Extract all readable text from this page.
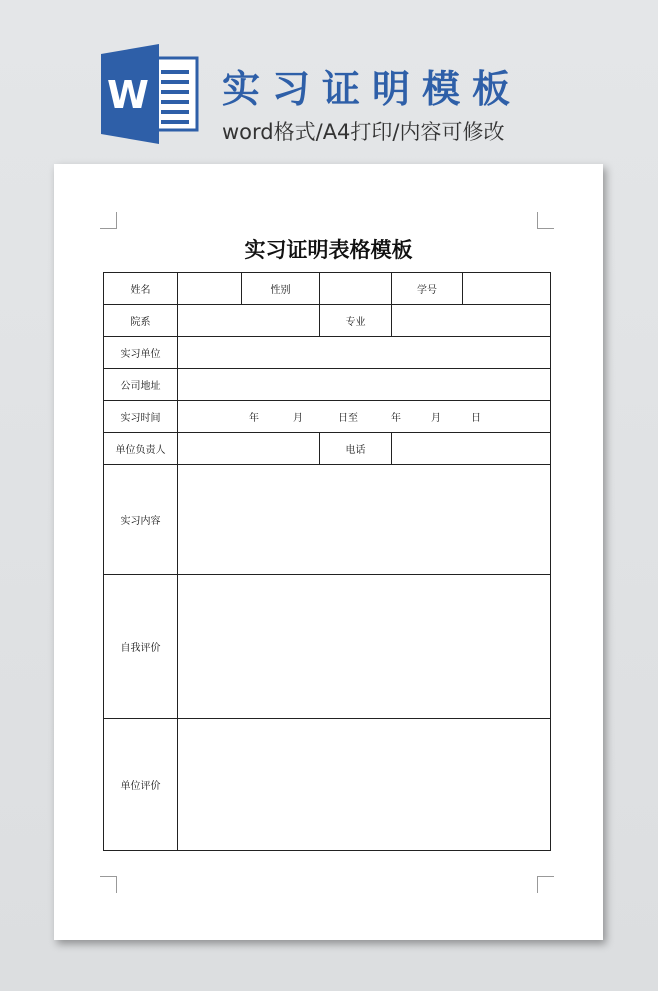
W 实习证明模板
word格式/A4打印/内容可修改
实习证明表格模板
姓名		性别		学号	
院系			专业		
实习单位					
公司地址					
实习时间	年 月 日至 年 月 日				
单位负责人			电话		
实习内容					
自我评价					
单位评价					
